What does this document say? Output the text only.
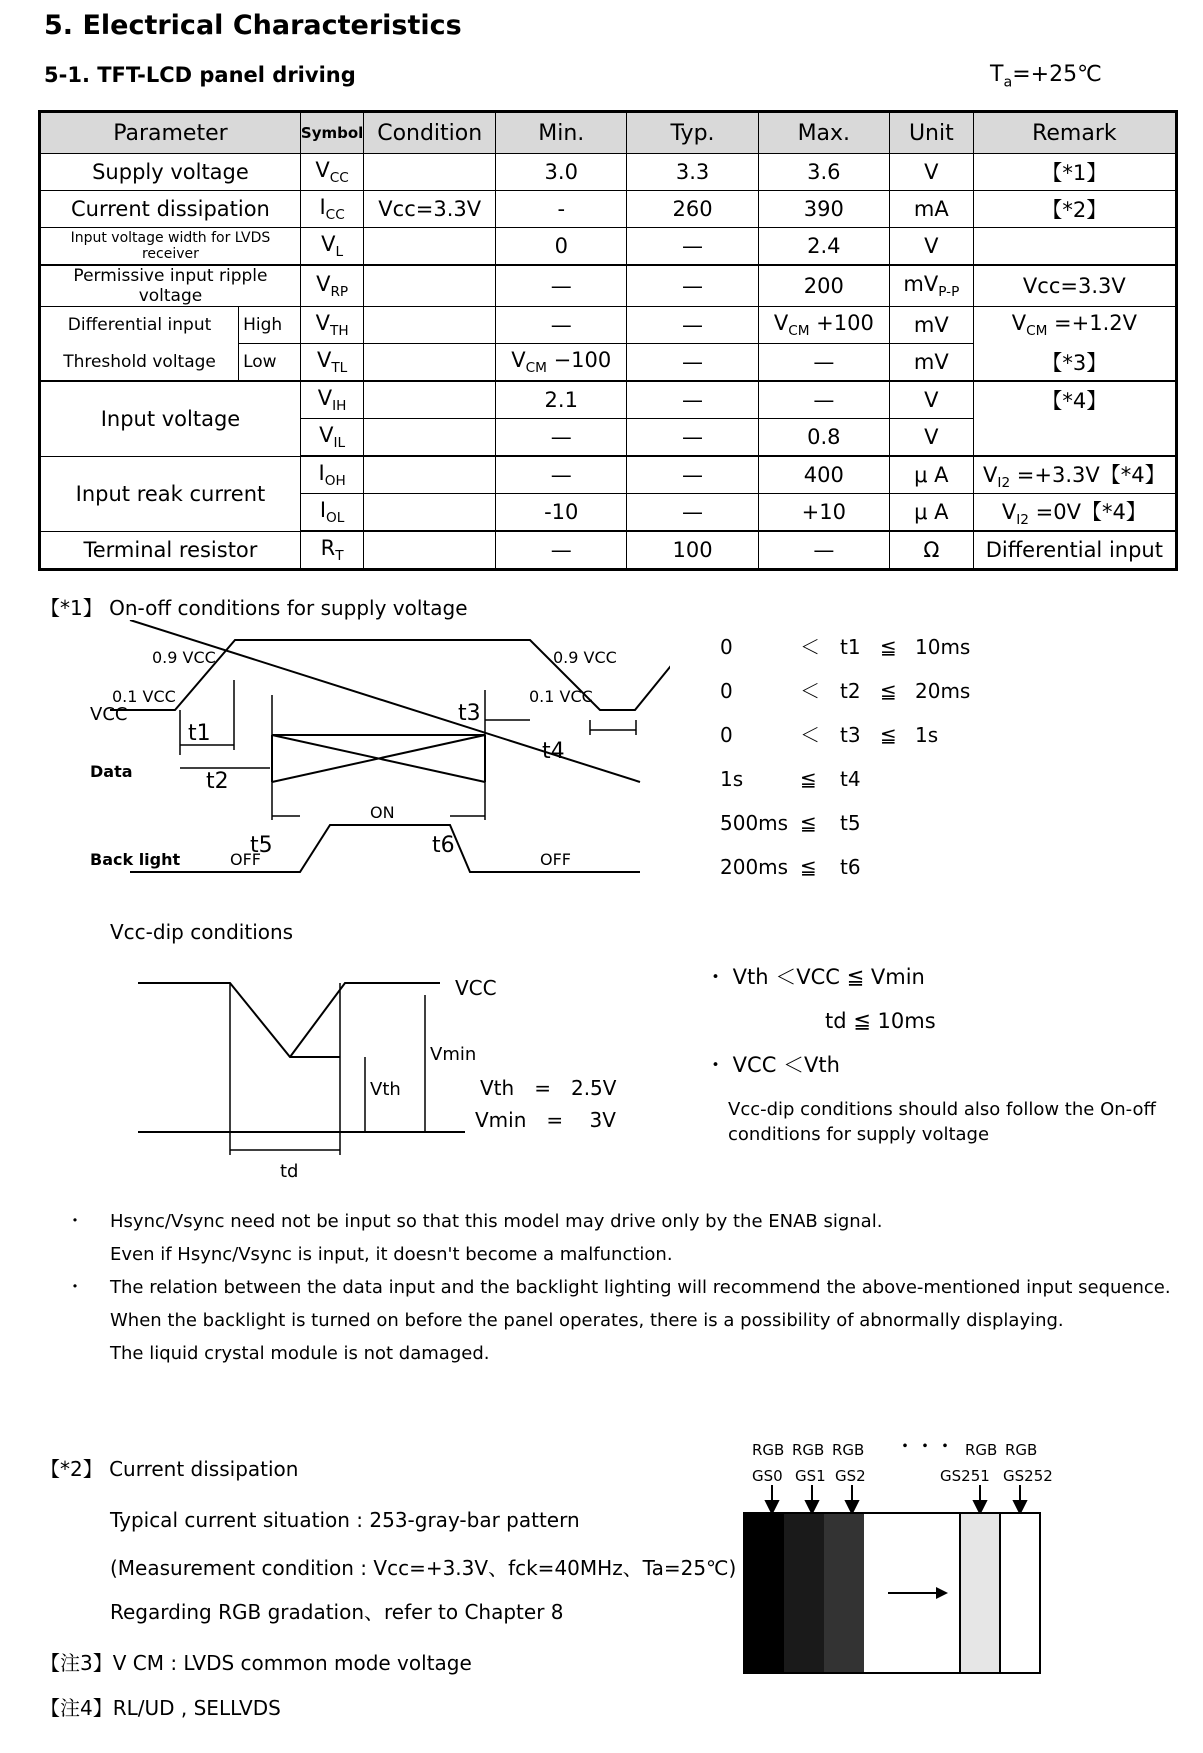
5. Electrical Characteristics
5-1. TFT-LCD panel driving	$T_a=+25℃$
Parameter		Symbol	Condition	Min.	Typ.	Max.	Unit	Remark
Supply voltage		$V_{CC}$		3.0	3.3	3.6	V	【*1】
Current dissipation		$I_{CC}$	Vcc=3.3V	-	260	390	mA	【*2】
Input voltage width for LVDS receiver		$V_L$		0	—	2.4	V	
Permissive input ripple voltage		$V_{RP}$		—	—	200	$mV_{P-P}$	Vcc=3.3V
Differential input	High	$V_{TH}$		—	—	$V_{CM} +100$	mV	$V_{CM} =+1.2V$
Threshold voltage	Low	$V_{TL}$		$V_{CM} -100$	—	—	mV	【*3】
Input voltage		$V_{IH}$		2.1	—	—	V	【*4】
		$V_{IL}$		—	—	0.8	V	
Input reak current		$I_{OH}$		—	—	400	μ A	$V_{I2} =+3.3V$【*4】
		$I_{OL}$		-10	—	+10	μ A	$V_{I2} =0V$【*4】
Terminal resistor		$R_T$		—	100	—	Ω	Differential input
【*1】 On-off conditions for supply voltage
0.9 VCC
0.1 VCC
VCC
0.9 VCC
0.1 VCC
t1
t2
t3
t4
t5	t6
Data
Back light	OFF
ON
OFF
0	＜ t1 ≦ 10ms
0	＜ t2 ≦ 20ms
0	＜ t3 ≦ 1s
1s	≦ t4
500ms ≦ t5
200ms ≦ t6
Vcc-dip conditions
VCC
Vmin
Vth
td
Vth　=　2.5V
Vmin　=　 3V
・ Vth ＜VCC ≦ Vmin
td ≦ 10ms
・ VCC ＜Vth
Vcc-dip conditions should also follow the On-off conditions for supply voltage
・ Hsync/Vsync need not be input so that this model may drive only by the ENAB signal.
Even if Hsync/Vsync is input, it doesn't become a malfunction.
・ The relation between the data input and the backlight lighting will recommend the above-mentioned input sequence.
When the backlight is turned on before the panel operates, there is a possibility of abnormally displaying.
The liquid crystal module is not damaged.
【*2】 Current dissipation
Typical current situation : 253-gray-bar pattern
(Measurement condition : Vcc=+3.3V、fck=40MHz、Ta=25℃)
Regarding RGB gradation、refer to Chapter 8
【注3】V CM : LVDS common mode voltage
【注4】RL/UD , SELLVDS
RGB RGB RGB	RGB RGB
・・・
GS0 GS1 GS2	GS251 GS252
